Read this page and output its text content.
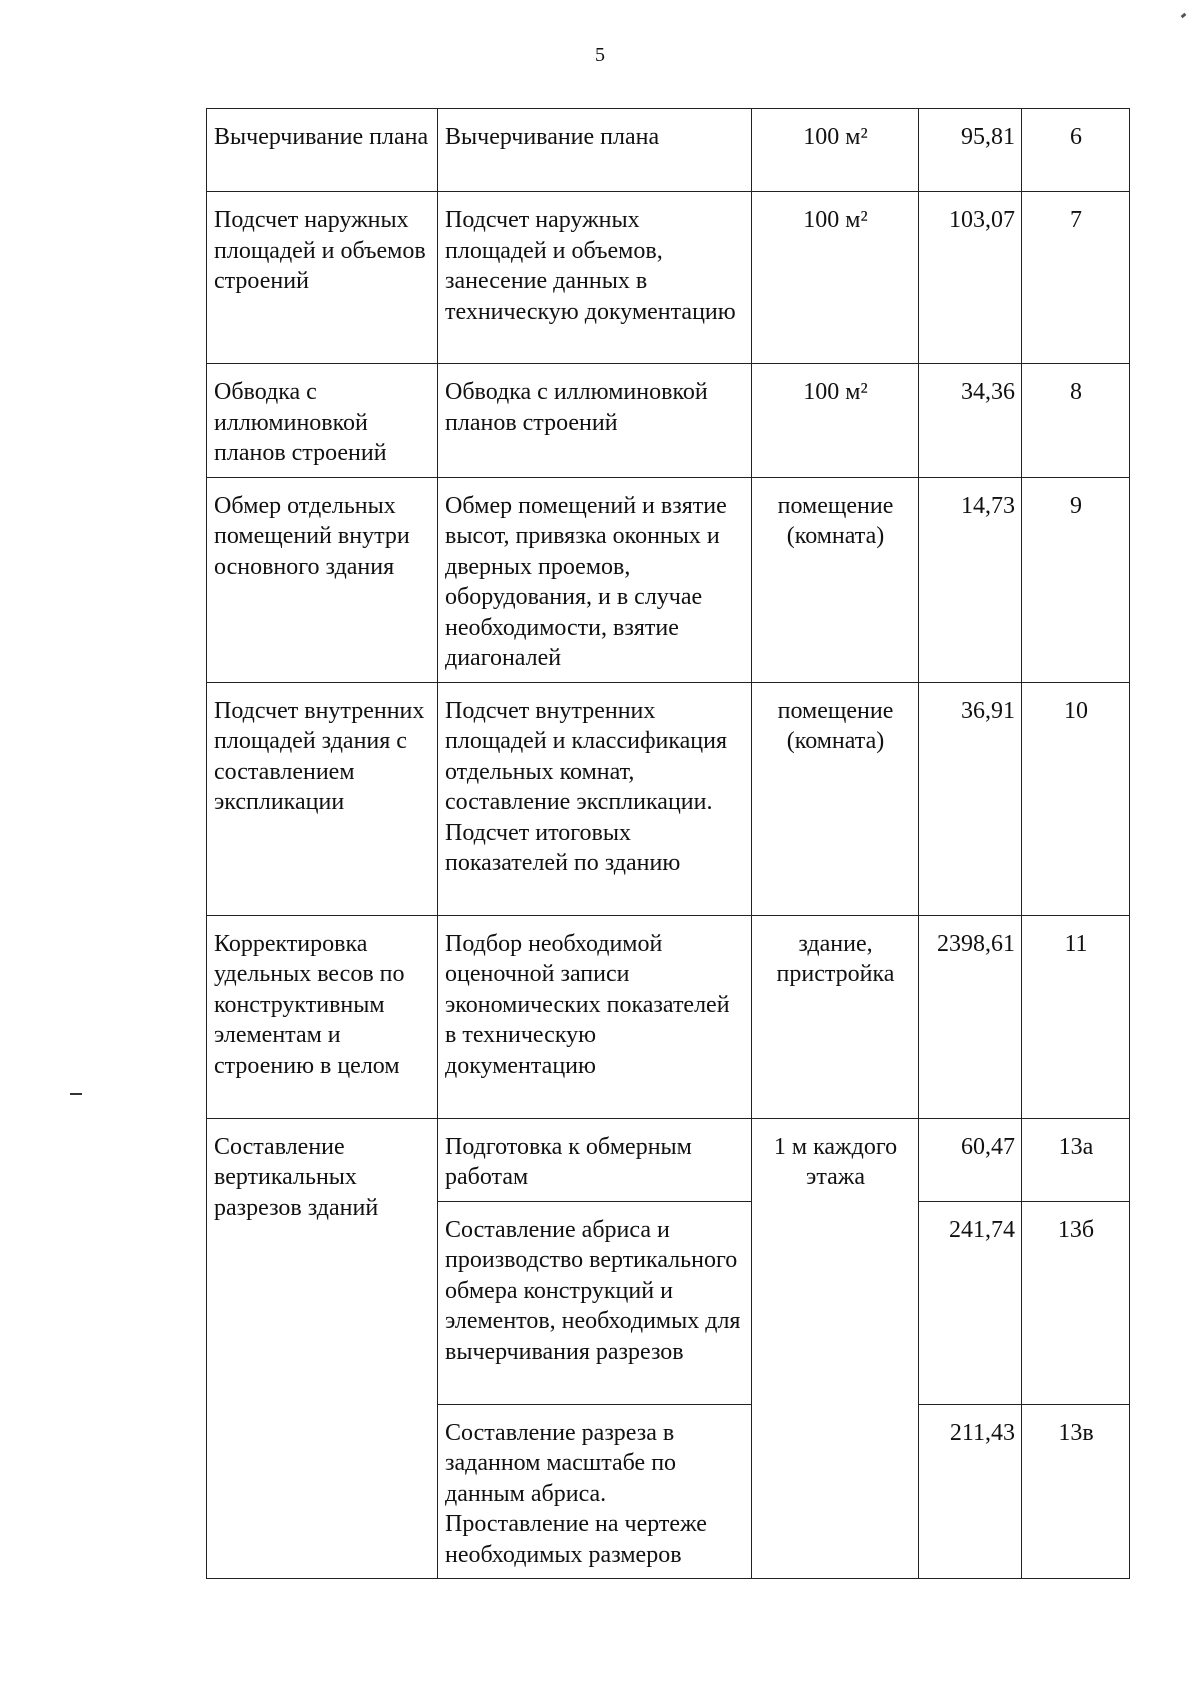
5
Вычерчивание плана	Вычерчивание плана	100 м²	95,81	6
Подсчет наружных площадей и объемов строений	Подсчет наружных площадей и объемов, занесение данных в техническую документацию	100 м²	103,07	7
Обводка с иллюминовкой планов строений	Обводка с иллюминовкой планов строений	100 м²	34,36	8
Обмер отдельных помещений внутри основного здания	Обмер помещений и взятие высот, привязка оконных и дверных проемов, оборудования, и в случае необходимости, взятие диагоналей	помещение (комната)	14,73	9
Подсчет внутренних площадей здания с составлением экспликации	Подсчет внутренних площадей и классификация отдельных комнат, составление экспликации. Подсчет итоговых показателей по зданию	помещение (комната)	36,91	10
Корректировка удельных весов по конструктивным элементам и строению в целом	Подбор необходимой оценочной записи экономических показателей в техническую документацию	здание, пристройка	2398,61	11
Составление вертикальных разрезов зданий	Подготовка к обмерным работам	1 м каждого этажа	60,47	13а
	Составление абриса и производство вертикального обмера конструкций и элементов, необходимых для вычерчивания разрезов		241,74	13б
	Составление разреза в заданном масштабе по данным абриса. Проставление на чертеже необходимых размеров		211,43	13в
